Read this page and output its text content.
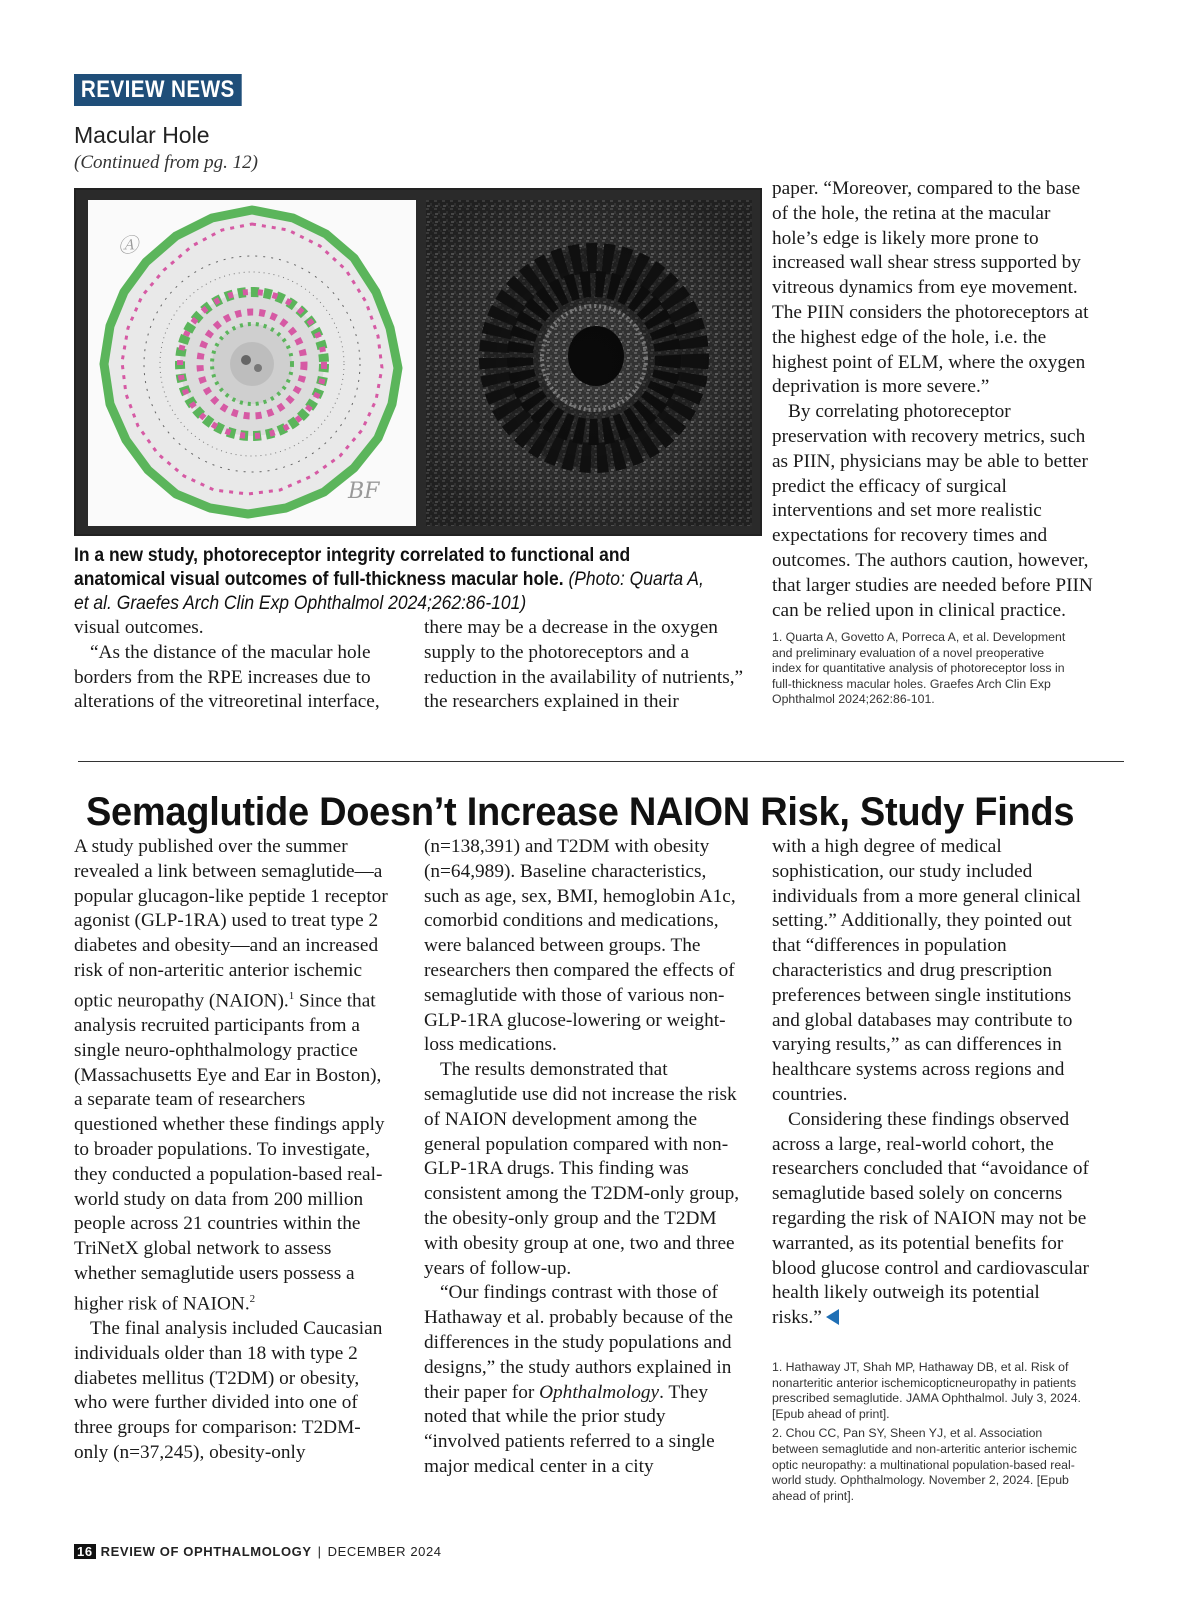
REVIEW NEWS
Macular Hole
(Continued from pg. 12)
Ⓐ
BF
In a new study, photoreceptor integrity correlated to functional and anatomical visual outcomes of full-thickness macular hole. (Photo: Quarta A, et al. Graefes Arch Clin Exp Ophthalmol 2024;262:86-101)

visual outcomes.

“As the distance of the macular hole borders from the RPE increases due to alterations of the vitreoretinal interface,

there may be a decrease in the oxygen supply to the photoreceptors and a reduction in the availability of nutrients,” the researchers explained in their

paper. “Moreover, compared to the base of the hole, the retina at the macular hole’s edge is likely more prone to increased wall shear stress supported by vitreous dynamics from eye movement. The PIIN considers the photoreceptors at the highest edge of the hole, i.e. the highest point of ELM, where the oxygen deprivation is more severe.”

By correlating photoreceptor preservation with recovery metrics, such as PIIN, physicians may be able to better predict the efficacy of surgical interventions and set more realistic expectations for recovery times and outcomes. The authors caution, however, that larger studies are needed before PIIN can be relied upon in clinical practice.

1. Quarta A, Govetto A, Porreca A, et al. Development and preliminary evaluation of a novel preoperative index for quantitative analysis of photoreceptor loss in full-thickness macular holes. Graefes Arch Clin Exp Ophthalmol 2024;262:86-101.

Semaglutide Doesn’t Increase NAION Risk, Study Finds

A study published over the summer revealed a link between semaglutide—a popular glucagon-like peptide 1 receptor agonist (GLP-1RA) used to treat type 2 diabetes and obesity—and an increased risk of non-arteritic anterior ischemic optic neuropathy (NAION).$^1$ Since that analysis recruited participants from a single neuro-ophthalmology practice (Massachusetts Eye and Ear in Boston), a separate team of researchers questioned whether these findings apply to broader populations. To investigate, they conducted a population-based real-world study on data from 200 million people across 21 countries within the TriNetX global network to assess whether semaglutide users possess a higher risk of NAION.$^2$

The final analysis included Caucasian individuals older than 18 with type 2 diabetes mellitus (T2DM) or obesity, who were further divided into one of three groups for comparison: T2DM-only (n=37,245), obesity-only

(n=138,391) and T2DM with obesity (n=64,989). Baseline characteristics, such as age, sex, BMI, hemoglobin A1c, comorbid conditions and medications, were balanced between groups. The researchers then compared the effects of semaglutide with those of various non-GLP-1RA glucose-lowering or weight-loss medications.

The results demonstrated that semaglutide use did not increase the risk of NAION development among the general population compared with non-GLP-1RA drugs. This finding was consistent among the T2DM-only group, the obesity-only group and the T2DM with obesity group at one, two and three years of follow-up.

“Our findings contrast with those of Hathaway et al. probably because of the differences in the study populations and designs,” the study authors explained in their paper for Ophthalmology. They noted that while the prior study “involved patients referred to a single major medical center in a city

with a high degree of medical sophistication, our study included individuals from a more general clinical setting.” Additionally, they pointed out that “differences in population characteristics and drug prescription preferences between single institutions and global databases may contribute to varying results,” as can differences in healthcare systems across regions and countries.

Considering these findings observed across a large, real-world cohort, the researchers concluded that “avoidance of semaglutide based solely on concerns regarding the risk of NAION may not be warranted, as its potential benefits for blood glucose control and cardiovascular health likely outweigh its potential risks.”

1. Hathaway JT, Shah MP, Hathaway DB, et al. Risk of nonarteritic anterior ischemicopticneuropathy in patients prescribed semaglutide. JAMA Ophthalmol. July 3, 2024. [Epub ahead of print].

2. Chou CC, Pan SY, Sheen YJ, et al. Association between semaglutide and non-arteritic anterior ischemic optic neuropathy: a multinational population-based real-world study. Ophthalmology. November 2, 2024. [Epub ahead of print].

16 REVIEW OF OPHTHALMOLOGY | DECEMBER 2024
